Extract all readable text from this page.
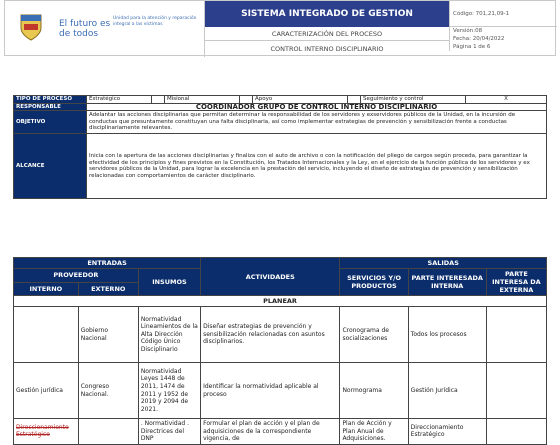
El futuro es de todos
Unidad para la atención y reparación integral a las víctimas
SISTEMA INTEGRADO DE GESTION
CARACTERIZACIÓN DEL PROCESO
CONTROL INTERNO DISCIPLINARIO
Código: 701,21,09-1
Versión:08
Fecha: 20/04/2022
Página 1 de 6
TIPO DE PROCESO	Estratégico		Misional		Apoyo		Seguimiento y control	X
RESPONSABLE	COORDINADOR GRUPO DE CONTROL INTERNO DISCIPLINARIO							
OBJETIVO	Adelantar las acciones disciplinarias que permitan determinar la responsabilidad de los servidores y exservidores públicos de la Unidad, en la incursión de conductas que presuntamente constituyan una falta disciplinaria, así como implementar estrategias de prevención y sensibilización frente a conductas disciplinariamente relevantes.							
ALCANCE	Inicia con la apertura de las acciones disciplinarias y finaliza con el auto de archivo o con la notificación del pliego de cargos según proceda, para garantizar la efectividad de los principios y fines previstos en la Constitución, los Tratados Internacionales y la Ley, en el ejercicio de la función pública de los servidores y ex servidores públicos de la Unidad, para lograr la excelencia en la prestación del servicio, incluyendo el diseño de estrategias de prevención y sensibilización relacionadas con comportamientos de carácter disciplinario.							
ENTRADAS			ACTIVIDADES	SALIDAS		
PROVEEDOR		INSUMOS		SERVICIOS Y/O PRODUCTOS	PARTE INTERESADA INTERNA	PARTE INTERESA DA EXTERNA
INTERNO	EXTERNO					
PLANEAR						
	Gobierno Nacional	Normatividad Lineamientos de la Alta Dirección Código Único Disciplinario	Diseñar estrategias de prevención y sensibilización relacionadas con asuntos disciplinarios.	Cronograma de socializaciones	Todos los procesos	
Gestión jurídica	Congreso Nacional.	Normatividad Leyes 1448 de 2011, 1474 de 2011 y 1952 de 2019 y 2094 de 2021.	Identificar la normatividad aplicable al proceso	Normograma	Gestión Jurídica	
Direccionamiento Estratégico		. Normatividad . Directrices del DNP	Formular el plan de acción y el plan de adquisiciones de la correspondiente vigencia, de	Plan de Acción y Plan Anual de Adquisiciones.	Direccionamiento Estratégico	
